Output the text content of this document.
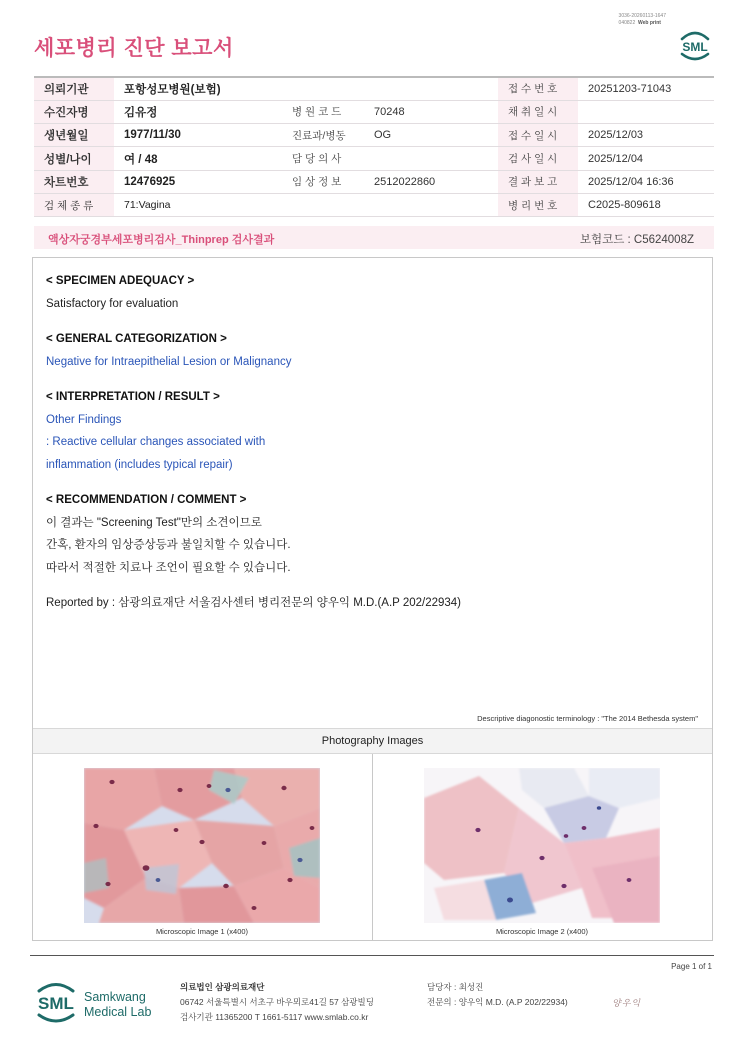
3036-20260113-1647
040822 Web print
세포병리 진단 보고서	SML
의뢰기관	포항성모병원(보험)			접 수 번 호	20251203-71043
수진자명	김유정	병 원 코 드	70248	채 취 일 시	
생년월일	1977/11/30	진료과/병동	OG	접 수 일 시	2025/12/03
성별/나이	여 / 48	담 당 의 사		검 사 일 시	2025/12/04
차트번호	12476925	임 상 정 보	2512022860	결 과 보 고	2025/12/04 16:36
검 체 종 류	71:Vagina			병 리 번 호	C2025-809618
액상자궁경부세포병리검사_Thinprep 검사결과	보험코드 : C5624008Z
< SPECIMEN ADEQUACY >
Satisfactory for evaluation
< GENERAL CATEGORIZATION >
Negative for Intraepithelial Lesion or Malignancy
< INTERPRETATION / RESULT >
Other Findings
: Reactive cellular changes associated with
inflammation (includes typical repair)
< RECOMMENDATION / COMMENT >
이 결과는 "Screening Test"만의 소견이므로
간혹, 환자의 임상증상등과 불일치할 수 있습니다.
따라서 적절한 치료나 조언이 필요할 수 있습니다.
Reported by : 삼광의료재단 서울검사센터 병리전문의 양우익 M.D.(A.P 202/22934)
Descriptive diagonostic terminology : "The 2014 Bethesda system"
Photography Images
Microscopic Image 1 (x400)	Microscopic Image 2 (x400)
Page 1 of 1
SML Samkwang
Medical Lab
의료법인 삼광의료재단
06742 서울특별시 서초구 바우뫼로41길 57 삼광빌딩
검사기관 11365200 T 1661-5117 www.smlab.co.kr
담당자 : 최성진
전문의 : 양우익 M.D. (A.P 202/22934)	양우익
